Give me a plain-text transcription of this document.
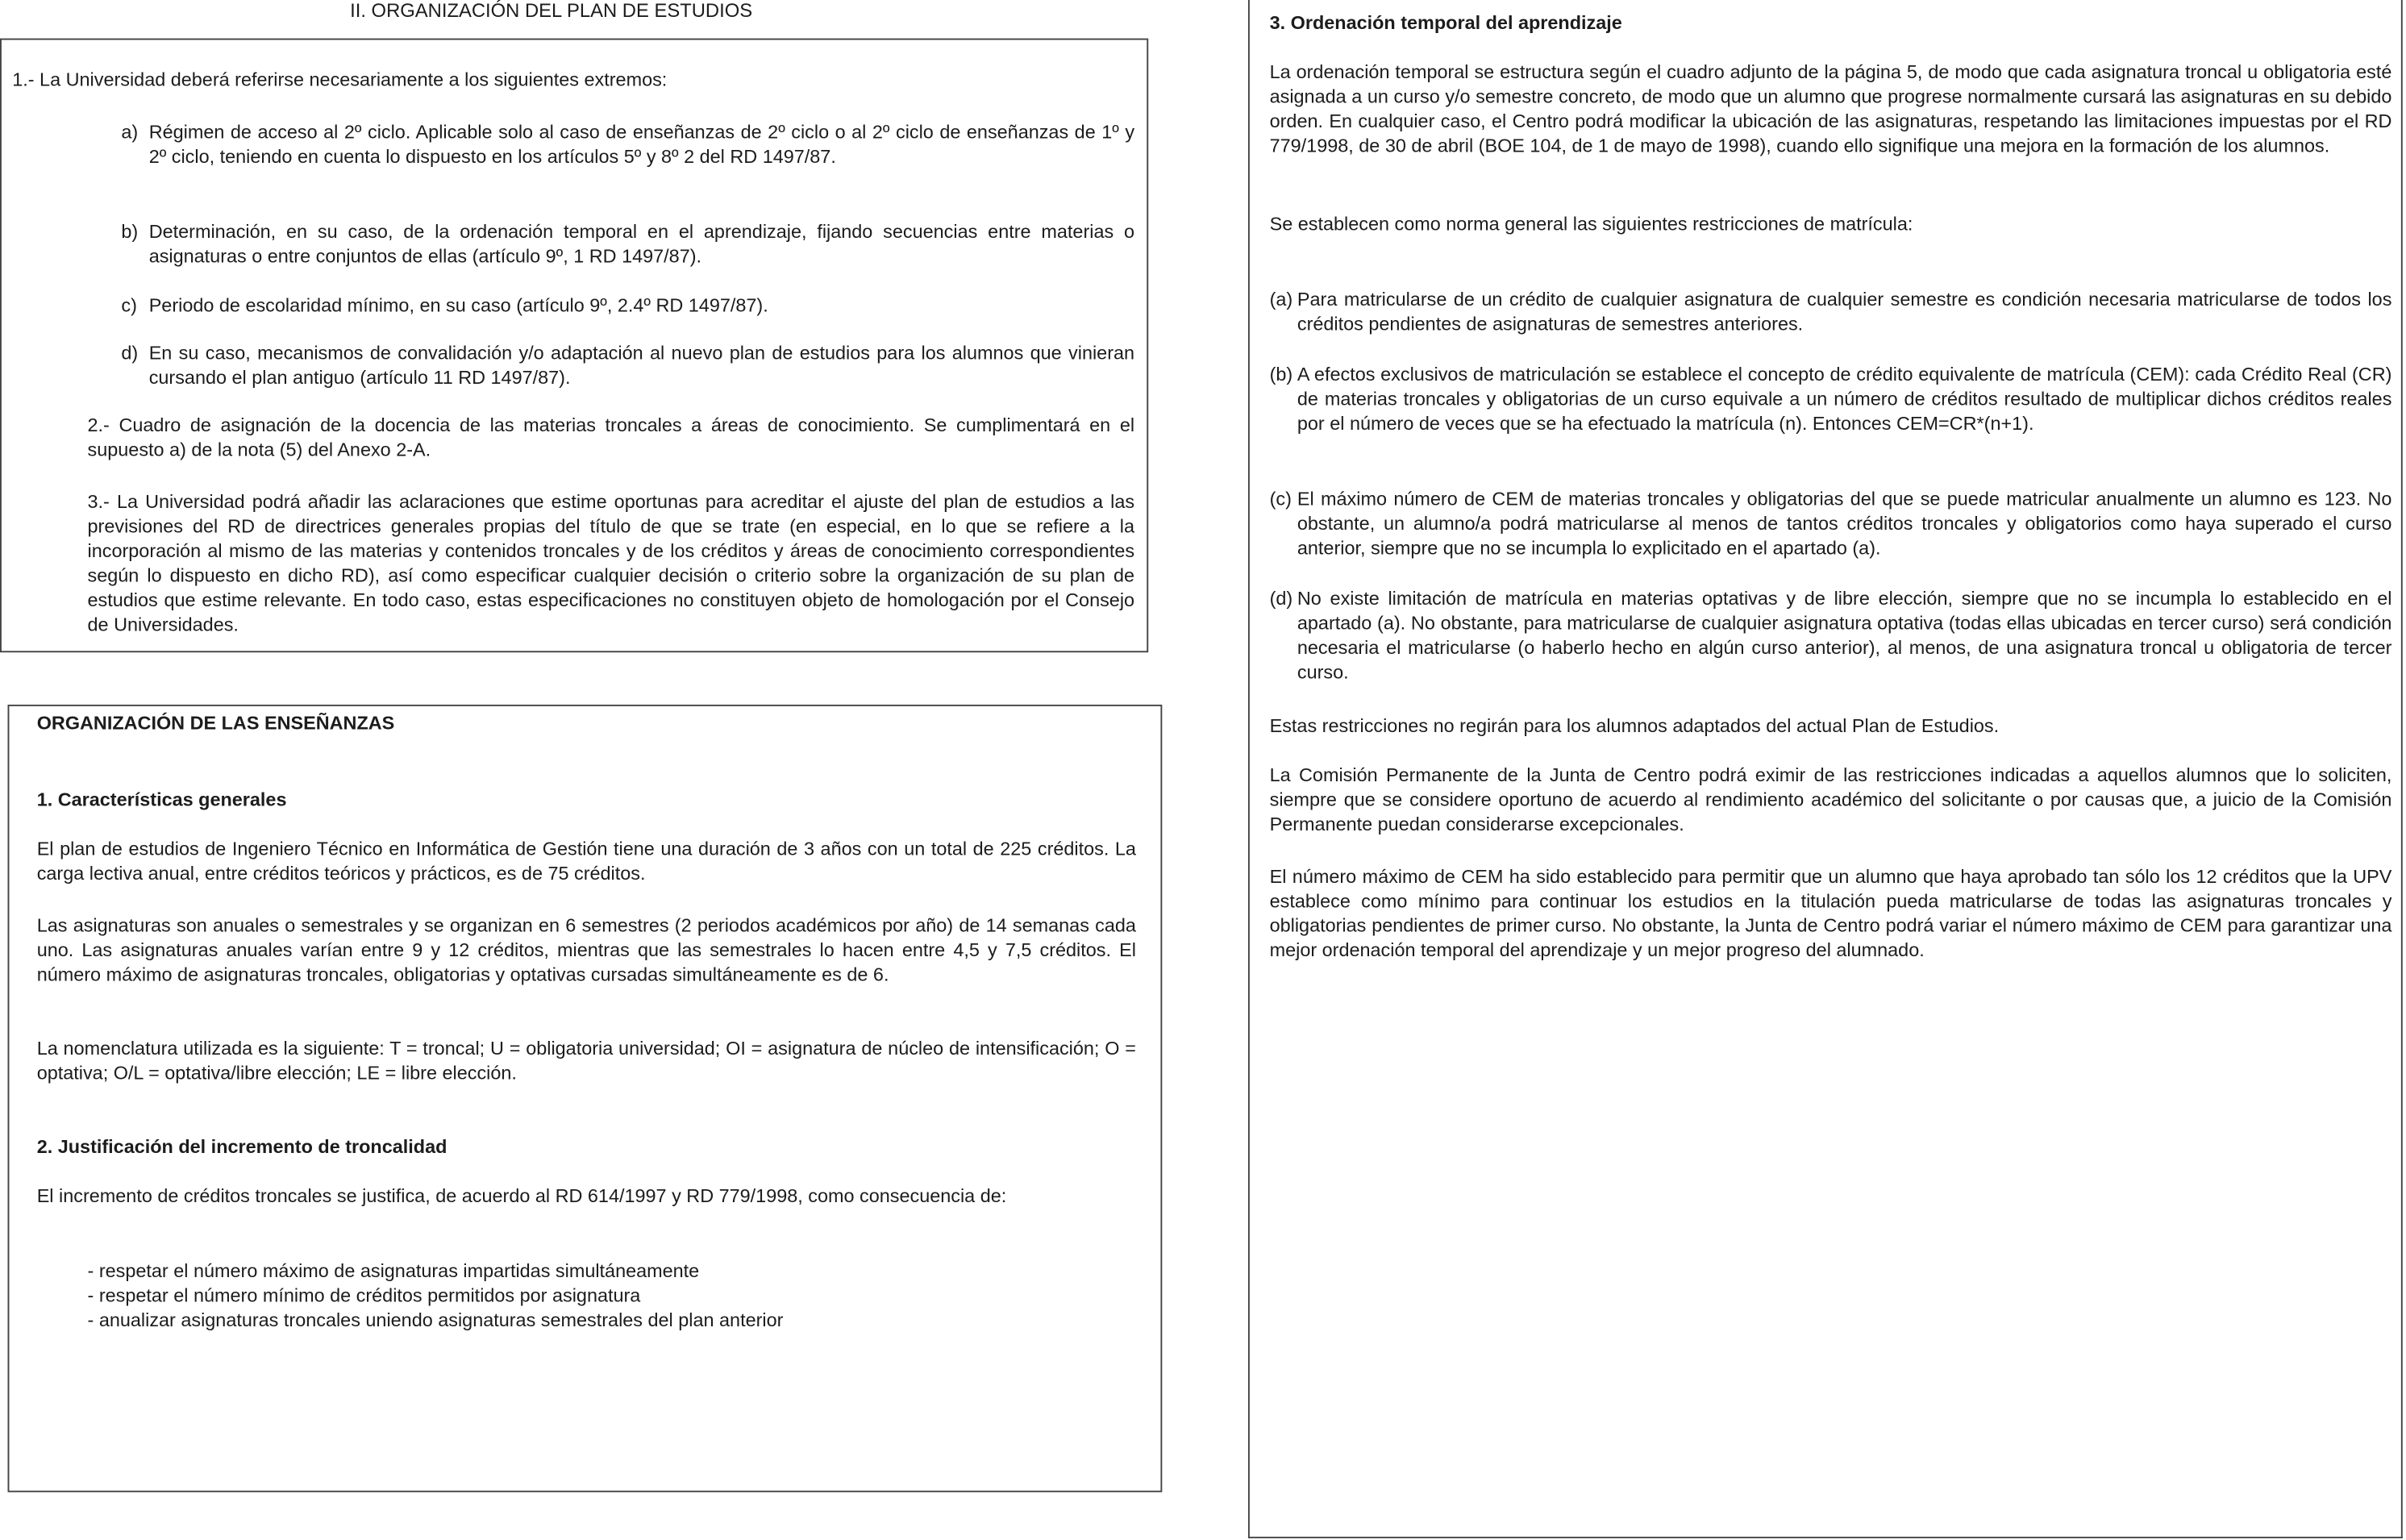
II. ORGANIZACIÓN DEL PLAN DE ESTUDIOS
1.- La Universidad deberá referirse necesariamente a los siguientes extremos:
a) Régimen de acceso al 2º ciclo. Aplicable solo al caso de enseñanzas de 2º ciclo o al 2º ciclo de enseñanzas de 1º y 2º ciclo, teniendo en cuenta lo dispuesto en los artículos 5º y 8º 2 del RD 1497/87.

b) Determinación, en su caso, de la ordenación temporal en el aprendizaje, fijando secuencias entre materias o asignaturas o entre conjuntos de ellas (artículo 9º, 1 RD 1497/87).

c) Periodo de escolaridad mínimo, en su caso (artículo 9º, 2.4º RD 1497/87).

d) En su caso, mecanismos de convalidación y/o adaptación al nuevo plan de estudios para los alumnos que vinieran cursando el plan antiguo (artículo 11 RD 1497/87).

2.- Cuadro de asignación de la docencia de las materias troncales a áreas de conocimiento. Se cumplimentará en el supuesto a) de la nota (5) del Anexo 2-A.

3.- La Universidad podrá añadir las aclaraciones que estime oportunas para acreditar el ajuste del plan de estudios a las previsiones del RD de directrices generales propias del título de que se trate (en especial, en lo que se refiere a la incorporación al mismo de las materias y contenidos troncales y de los créditos y áreas de conocimiento correspondientes según lo dispuesto en dicho RD), así como especificar cualquier decisión o criterio sobre la organización de su plan de estudios que estime relevante. En todo caso, estas especificaciones no constituyen objeto de homologación por el Consejo de Universidades.

ORGANIZACIÓN DE LAS ENSEÑANZAS
1. Características generales

El plan de estudios de Ingeniero Técnico en Informática de Gestión tiene una duración de 3 años con un total de 225 créditos. La carga lectiva anual, entre créditos teóricos y prácticos, es de 75 créditos.

Las asignaturas son anuales o semestrales y se organizan en 6 semestres (2 periodos académicos por año) de 14 semanas cada uno. Las asignaturas anuales varían entre 9 y 12 créditos, mientras que las semestrales lo hacen entre 4,5 y 7,5 créditos. El número máximo de asignaturas troncales, obligatorias y optativas cursadas simultáneamente es de 6.

La nomenclatura utilizada es la siguiente: T = troncal; U = obligatoria universidad; OI = asignatura de núcleo de intensificación; O = optativa; O/L = optativa/libre elección; LE = libre elección.

2. Justificación del incremento de troncalidad

El incremento de créditos troncales se justifica, de acuerdo al RD 614/1997 y RD 779/1998, como consecuencia de:

- respetar el número máximo de asignaturas impartidas simultáneamente
- respetar el número mínimo de créditos permitidos por asignatura
- anualizar asignaturas troncales uniendo asignaturas semestrales del plan anterior
3. Ordenación temporal del aprendizaje

La ordenación temporal se estructura según el cuadro adjunto de la página 5, de modo que cada asignatura troncal u obligatoria esté asignada a un curso y/o semestre concreto, de modo que un alumno que progrese normalmente cursará las asignaturas en su debido orden. En cualquier caso, el Centro podrá modificar la ubicación de las asignaturas, respetando las limitaciones impuestas por el RD 779/1998, de 30 de abril (BOE 104, de 1 de mayo de 1998), cuando ello signifique una mejora en la formación de los alumnos.

Se establecen como norma general las siguientes restricciones de matrícula:

(a) Para matricularse de un crédito de cualquier asignatura de cualquier semestre es condición necesaria matricularse de todos los créditos pendientes de asignaturas de semestres anteriores.

(b) A efectos exclusivos de matriculación se establece el concepto de crédito equivalente de matrícula (CEM): cada Crédito Real (CR) de materias troncales y obligatorias de un curso equivale a un número de créditos resultado de multiplicar dichos créditos reales por el número de veces que se ha efectuado la matrícula (n). Entonces CEM=CR*(n+1).

(c) El máximo número de CEM de materias troncales y obligatorias del que se puede matricular anualmente un alumno es 123. No obstante, un alumno/a podrá matricularse al menos de tantos créditos troncales y obligatorios como haya superado el curso anterior, siempre que no se incumpla lo explicitado en el apartado (a).

(d) No existe limitación de matrícula en materias optativas y de libre elección, siempre que no se incumpla lo establecido en el apartado (a). No obstante, para matricularse de cualquier asignatura optativa (todas ellas ubicadas en tercer curso) será condición necesaria el matricularse (o haberlo hecho en algún curso anterior), al menos, de una asignatura troncal u obligatoria de tercer curso.

Estas restricciones no regirán para los alumnos adaptados del actual Plan de Estudios.

La Comisión Permanente de la Junta de Centro podrá eximir de las restricciones indicadas a aquellos alumnos que lo soliciten, siempre que se considere oportuno de acuerdo al rendimiento académico del solicitante o por causas que, a juicio de la Comisión Permanente puedan considerarse excepcionales.

El número máximo de CEM ha sido establecido para permitir que un alumno que haya aprobado tan sólo los 12 créditos que la UPV establece como mínimo para continuar los estudios en la titulación pueda matricularse de todas las asignaturas troncales y obligatorias pendientes de primer curso. No obstante, la Junta de Centro podrá variar el número máximo de CEM para garantizar una mejor ordenación temporal del aprendizaje y un mejor progreso del alumnado.
